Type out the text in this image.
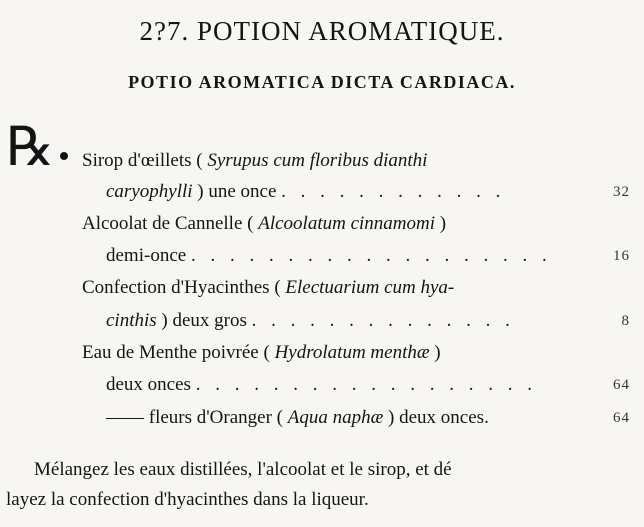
2?7. POTION AROMATIQUE.
POTIO AROMATICA DICTA CARDIACA.
℞ Sirop d'œillets ( Syrupus cum floribus dianthi
caryophylli ) une once . . . . . . . . . . . .	32
Alcoolat de Cannelle ( Alcoolatum cinnamomi )
demi-once . . . . . . . . . . . . . . . . . . .	16
Confection d'Hyacinthes ( Electuarium cum hya-
cinthis ) deux gros . . . . . . . . . . . . . .	8
Eau de Menthe poivrée ( Hydrolatum menthæ )
deux onces . . . . . . . . . . . . . . . . . .	64
—— fleurs d'Oranger ( Aqua naphæ ) deux onces.	64
Mélangez les eaux distillées, l'alcoolat et le sirop, et dé
layez la confection d'hyacinthes dans la liqueur.
